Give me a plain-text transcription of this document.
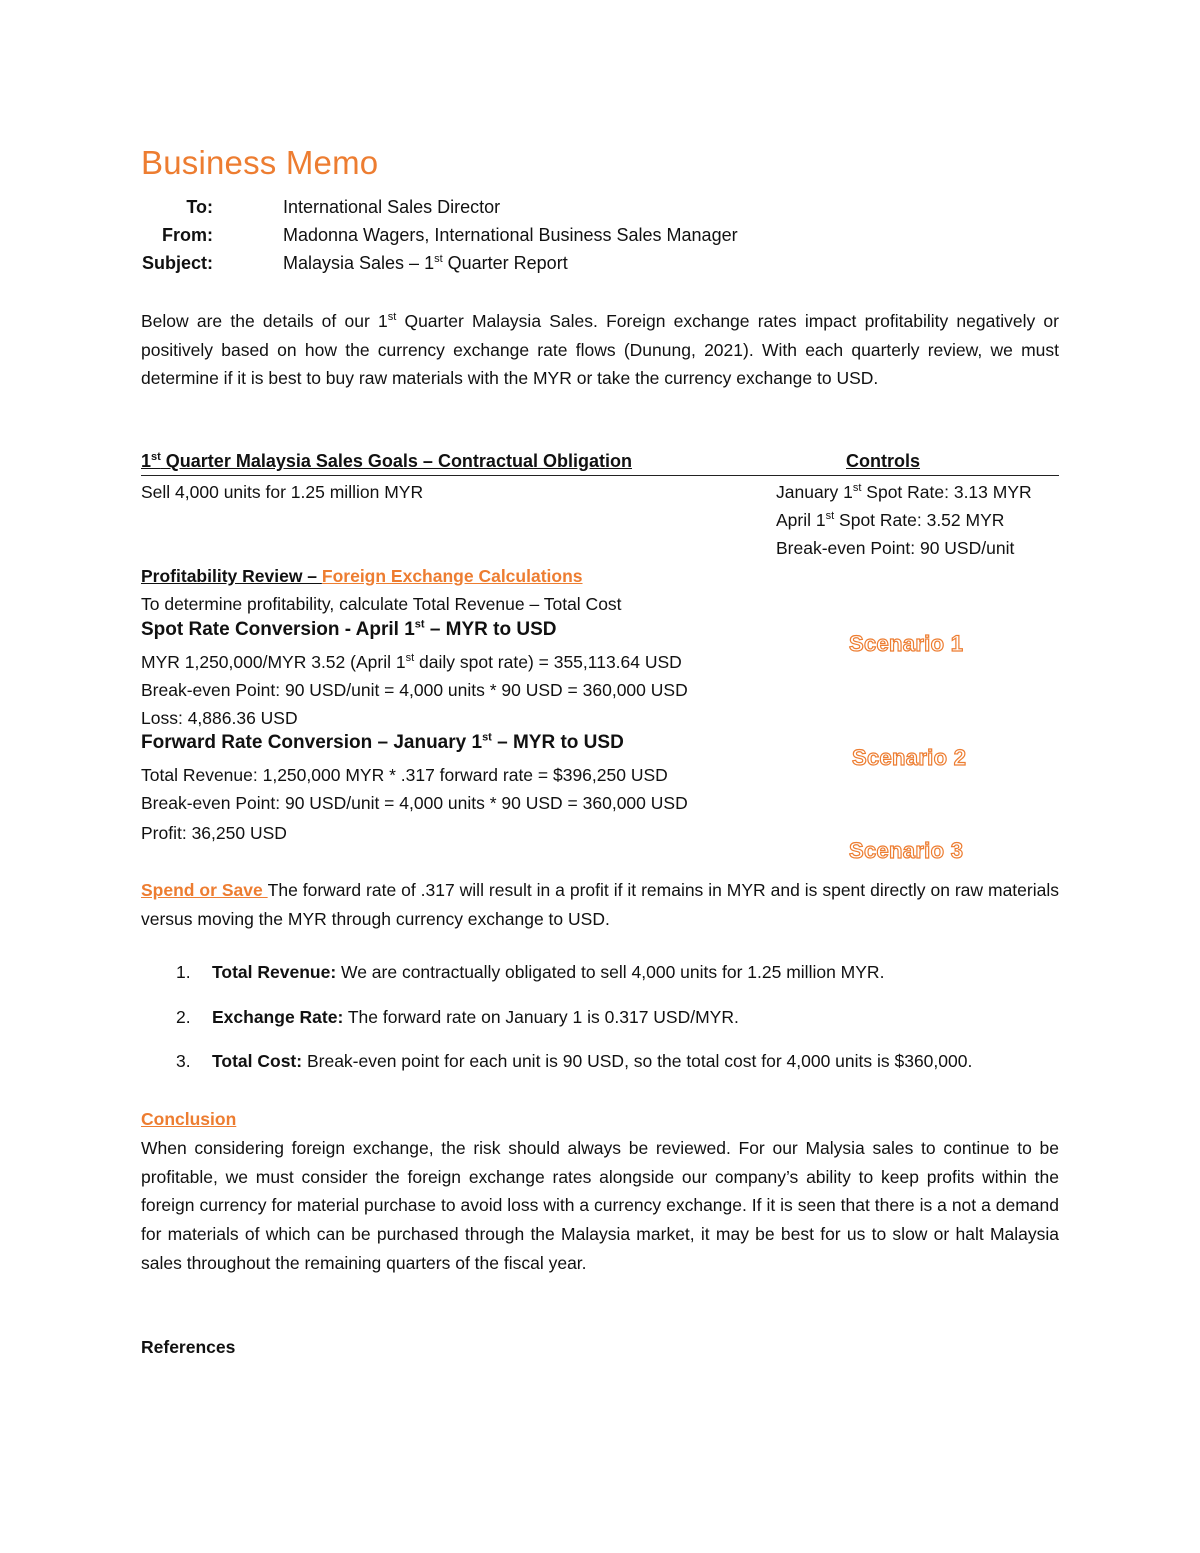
Business Memo
To:	International Sales Director
From:	Madonna Wagers, International Business Sales Manager
Subject:	Malaysia Sales – 1st Quarter Report
Below are the details of our 1st Quarter Malaysia Sales. Foreign exchange rates impact profitability negatively or positively based on how the currency exchange rate flows (Dunung, 2021). With each quarterly review, we must determine if it is best to buy raw materials with the MYR or take the currency exchange to USD.
1st Quarter Malaysia Sales Goals – Contractual Obligation	Controls
Sell 4,000 units for 1.25 million MYR	January 1st Spot Rate: 3.13 MYR
April 1st Spot Rate: 3.52 MYR
Break-even Point: 90 USD/unit
Profitability Review – Foreign Exchange Calculations
To determine profitability, calculate Total Revenue – Total Cost
Spot Rate Conversion - April 1st – MYR to USD
MYR 1,250,000/MYR 3.52 (April 1st daily spot rate) = 355,113.64 USD
Break-even Point: 90 USD/unit = 4,000 units * 90 USD = 360,000 USD
Loss: 4,886.36 USD
Forward Rate Conversion – January 1st – MYR to USD
Total Revenue: 1,250,000 MYR * .317 forward rate = $396,250 USD
Break-even Point: 90 USD/unit = 4,000 units * 90 USD = 360,000 USD
Profit: 36,250 USD
Scenario 1
Scenario 2
Scenario 3
Spend or Save The forward rate of .317 will result in a profit if it remains in MYR and is spent directly on raw materials versus moving the MYR through currency exchange to USD.
1. Total Revenue: We are contractually obligated to sell 4,000 units for 1.25 million MYR.
2. Exchange Rate: The forward rate on January 1 is 0.317 USD/MYR.
3. Total Cost: Break-even point for each unit is 90 USD, so the total cost for 4,000 units is $360,000.
Conclusion
When considering foreign exchange, the risk should always be reviewed. For our Malysia sales to continue to be profitable, we must consider the foreign exchange rates alongside our company’s ability to keep profits within the foreign currency for material purchase to avoid loss with a currency exchange. If it is seen that there is a not a demand for materials of which can be purchased through the Malaysia market, it may be best for us to slow or halt Malaysia sales throughout the remaining quarters of the fiscal year.
References
